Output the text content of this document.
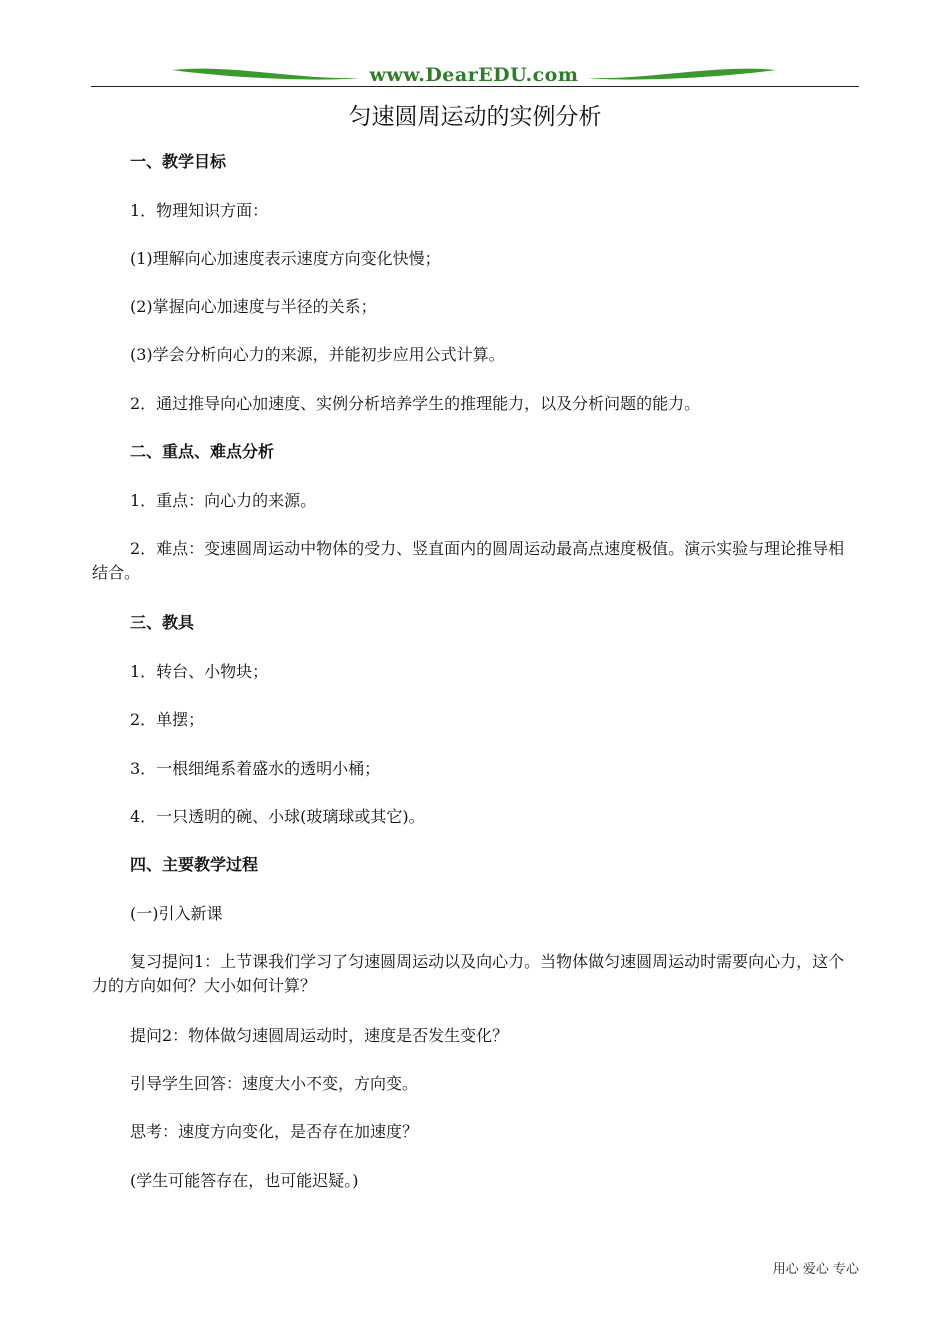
www.DearEDU.com
匀速圆周运动的实例分析
一、教学目标
1．物理知识方面：
(1)理解向心加速度表示速度方向变化快慢；
(2)掌握向心加速度与半径的关系；
(3)学会分析向心力的来源，并能初步应用公式计算。
2．通过推导向心加速度、实例分析培养学生的推理能力，以及分析问题的能力。
二、重点、难点分析
1．重点：向心力的来源。
2．难点：变速圆周运动中物体的受力、竖直面内的圆周运动最高点速度极值。演示实验与理论推导相结合。
三、教具
1．转台、小物块；
2．单摆；
3．一根细绳系着盛水的透明小桶；
4．一只透明的碗、小球(玻璃球或其它)。
四、主要教学过程
(一)引入新课
复习提问1：上节课我们学习了匀速圆周运动以及向心力。当物体做匀速圆周运动时需要向心力，这个力的方向如何？大小如何计算？
提问2：物体做匀速圆周运动时，速度是否发生变化？
引导学生回答：速度大小不变，方向变。
思考：速度方向变化，是否存在加速度？
(学生可能答存在，也可能迟疑。)
用心 爱心 专心
